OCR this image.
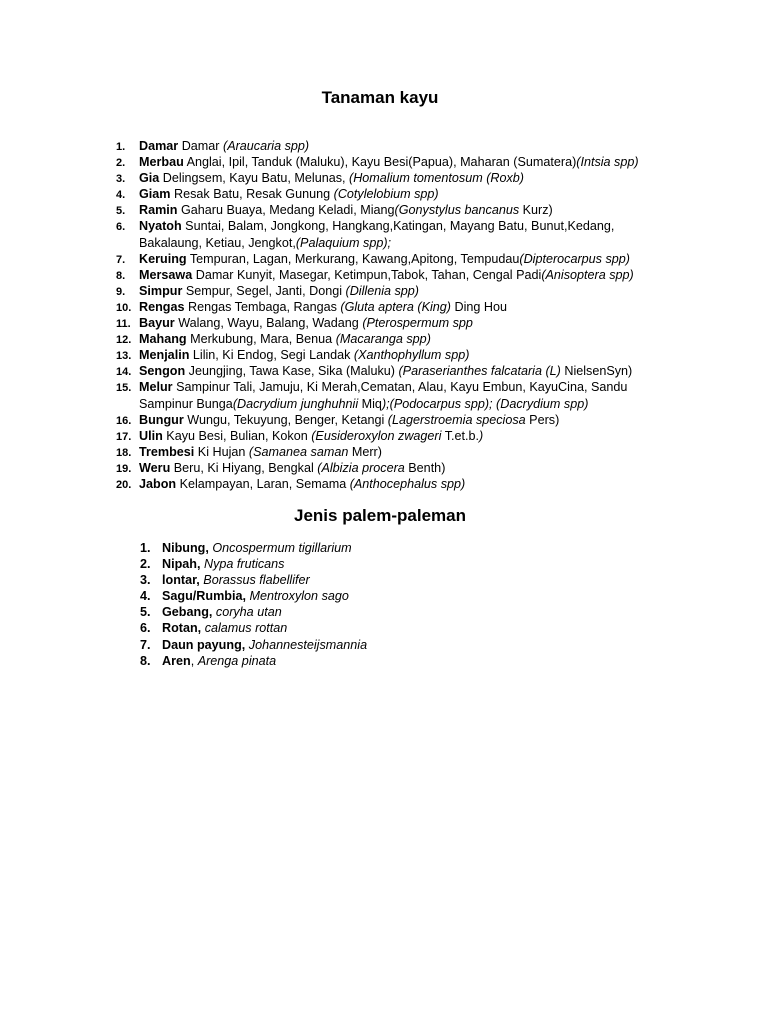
Tanaman kayu
1. Damar Damar (Araucaria spp)
2. Merbau Anglai, Ipil, Tanduk (Maluku), Kayu Besi(Papua), Maharan (Sumatera)(Intsia spp)
3. Gia Delingsem, Kayu Batu, Melunas, (Homalium tomentosum (Roxb)
4. Giam Resak Batu, Resak Gunung (Cotylelobium spp)
5. Ramin Gaharu Buaya, Medang Keladi, Miang(Gonystylus bancanus Kurz)
6. Nyatoh Suntai, Balam, Jongkong, Hangkang,Katingan, Mayang Batu, Bunut,Kedang, Bakalaung, Ketiau, Jengkot,(Palaquium spp);
7. Keruing Tempuran, Lagan, Merkurang, Kawang,Apitong, Tempudau(Dipterocarpus spp)
8. Mersawa Damar Kunyit, Masegar, Ketimpun,Tabok, Tahan, Cengal Padi(Anisoptera spp)
9. Simpur Sempur, Segel, Janti, Dongi (Dillenia spp)
10. Rengas Rengas Tembaga, Rangas (Gluta aptera (King) Ding Hou
11. Bayur Walang, Wayu, Balang, Wadang (Pterospermum spp
12. Mahang Merkubung, Mara, Benua (Macaranga spp)
13. Menjalin Lilin, Ki Endog, Segi Landak (Xanthophyllum spp)
14. Sengon Jeungjing, Tawa Kase, Sika (Maluku) (Paraserianthes falcataria (L) NielsenSyn)
15. Melur Sampinur Tali, Jamuju, Ki Merah,Cematan, Alau, Kayu Embun, KayuCina, Sandu Sampinur Bunga(Dacrydium junghuhnii Miq);(Podocarpus spp); (Dacrydium spp)
16. Bungur Wungu, Tekuyung, Benger, Ketangi (Lagerstroemia speciosa Pers)
17. Ulin Kayu Besi, Bulian, Kokon (Eusideroxylon zwageri T.et.b.)
18. Trembesi Ki Hujan (Samanea saman Merr)
19. Weru Beru, Ki Hiyang, Bengkal (Albizia procera Benth)
20. Jabon Kelampayan, Laran, Semama (Anthocephalus spp)
Jenis palem-paleman
1. Nibung, Oncospermum tigillarium
2. Nipah, Nypa fruticans
3. lontar, Borassus flabellifer
4. Sagu/Rumbia, Mentroxylon sago
5. Gebang, coryha utan
6. Rotan, calamus rottan
7. Daun payung, Johannesteijsmannia
8. Aren, Arenga pinata
